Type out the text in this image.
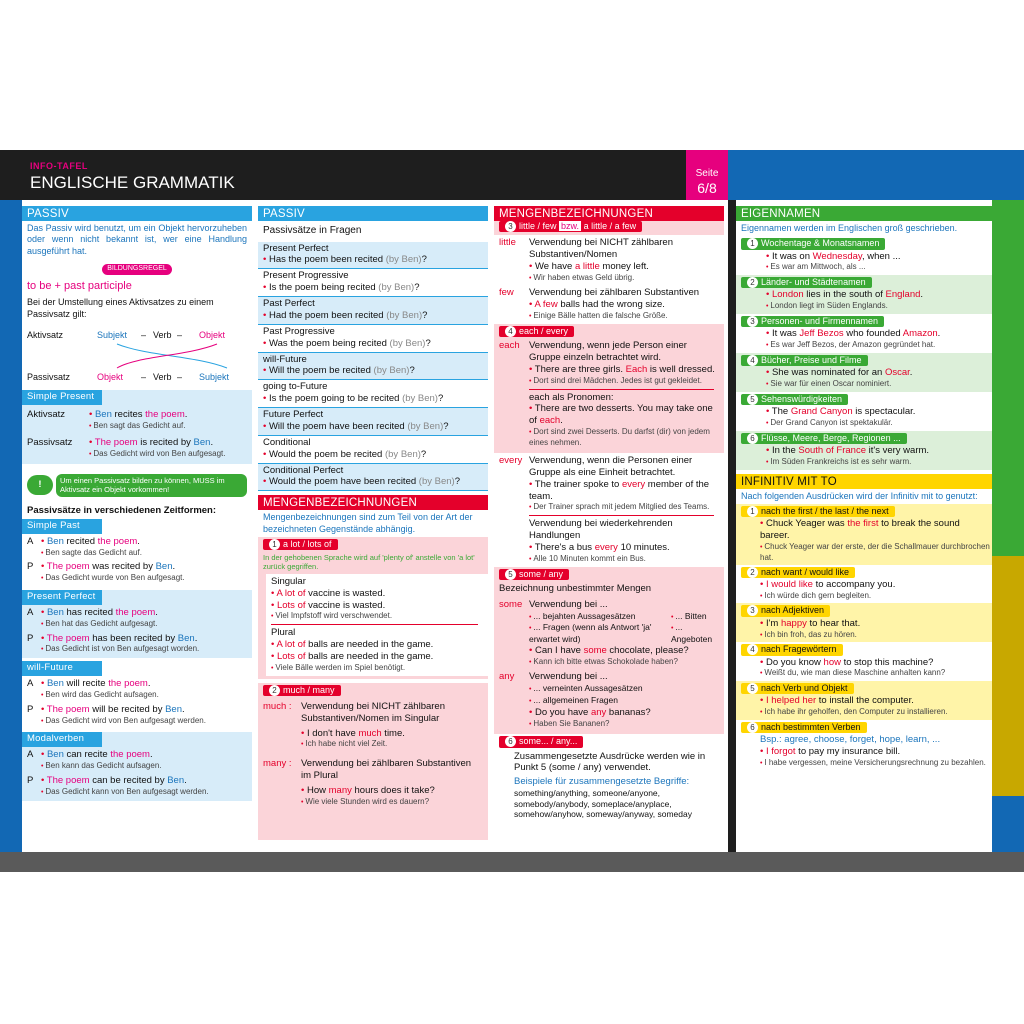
INFO-TAFEL
ENGLISCHE GRAMMATIK	Seite
6/8
PASSIV
Das Passiv wird benutzt, um ein Objekt hervorzuheben oder wenn nicht bekannt ist, wer eine Handlung ausgeführt hat.
BILDUNGSREGEL
to be + past participle
Bei der Umstellung eines Aktivsatzes zu einem Passivsatz gilt:
Aktivsatz	Subjekt – Verb – Objekt
Passivsatz	Objekt – Verb – Subjekt
Simple Present
Aktivsatz	• Ben recites the poem.
• Ben sagt das Gedicht auf.
Passivsatz	• The poem is recited by Ben.
• Das Gedicht wird von Ben aufgesagt.
!	Um einen Passivsatz bilden zu können, MUSS im Aktivsatz ein Objekt vorkommen!
Passivsätze in verschiedenen Zeitformen:
Simple Past
A	• Ben recited the poem.
• Ben sagte das Gedicht auf.
P	• The poem was recited by Ben.
• Das Gedicht wurde von Ben aufgesagt.
Present Perfect
A	• Ben has recited the poem.
• Ben hat das Gedicht aufgesagt.
P	• The poem has been recited by Ben.
• Das Gedicht ist von Ben aufgesagt worden.
will-Future
A	• Ben will recite the poem.
• Ben wird das Gedicht aufsagen.
P	• The poem will be recited by Ben.
• Das Gedicht wird von Ben aufgesagt werden.
Modalverben
A	• Ben can recite the poem.
• Ben kann das Gedicht aufsagen.
P	• The poem can be recited by Ben.
• Das Gedicht kann von Ben aufgesagt werden.
PASSIV
Passivsätze in Fragen
Present Perfect
• Has the poem been recited (by Ben)?
Present Progressive
• Is the poem being recited (by Ben)?
Past Perfect
• Had the poem been recited (by Ben)?
Past Progressive
• Was the poem being recited (by Ben)?
will-Future
• Will the poem be recited (by Ben)?
going to-Future
• Is the poem going to be recited (by Ben)?
Future Perfect
• Will the poem have been recited (by Ben)?
Conditional
• Would the poem be recited (by Ben)?
Conditional Perfect
• Would the poem have been recited (by Ben)?
MENGENBEZEICHNUNGEN
Mengenbezeichnungen sind zum Teil von der Art der bezeichneten Gegenstände abhängig.
1 a lot / lots of
In der gehobenen Sprache wird auf 'plenty of' anstelle von 'a lot' zurück gegriffen.
Singular
• A lot of vaccine is wasted.
• Lots of vaccine is wasted.
• Viel Impfstoff wird verschwendet.
Plural
• A lot of balls are needed in the game.
• Lots of balls are needed in the game.
• Viele Bälle werden im Spiel benötigt.
2 much / many
much : Verwendung bei NICHT zählbaren Substantiven/Nomen im Singular
• I don't have much time.
• Ich habe nicht viel Zeit.
many : Verwendung bei zählbaren Substantiven im Plural
• How many hours does it take?
• Wie viele Stunden wird es dauern?
MENGENBEZEICHNUNGEN
3 little / few bzw. a little / a few
little	Verwendung bei NICHT zählbaren Substantiven/Nomen
• We have a little money left.
• Wir haben etwas Geld übrig.
few	Verwendung bei zählbaren Substantiven
• A few balls had the wrong size.
• Einige Bälle hatten die falsche Größe.
4 each / every
each Verwendung, wenn jede Person einer Gruppe einzeln betrachtet wird.
• There are three girls. Each is well dressed.
• Dort sind drei Mädchen. Jedes ist gut gekleidet.
each als Pronomen:
• There are two desserts. You may take one of each.
• Dort sind zwei Desserts. Du darfst (dir) von jedem eines nehmen.
every Verwendung, wenn die Personen einer Gruppe als eine Einheit betrachtet.
• The trainer spoke to every member of the team.
• Der Trainer sprach mit jedem Mitglied des Teams.
Verwendung bei wiederkehrenden Handlungen
• There's a bus every 10 minutes.
• Alle 10 Minuten kommt ein Bus.
5 some / any
Bezeichnung unbestimmter Mengen
some Verwendung bei ...
• ... bejahten Aussagesätzen
• ... Fragen (wenn als Antwort 'ja' erwartet wird)
• ... Bitten
• ... Angeboten
• Can I have some chocolate, please?
• Kann ich bitte etwas Schokolade haben?
any	Verwendung bei ...
• ... verneinten Aussagesätzen
• ... allgemeinen Fragen
• Do you have any bananas?
• Haben Sie Bananen?
6 some... / any...
Zusammengesetzte Ausdrücke werden wie in Punkt 5 (some / any) verwendet.
Beispiele für zusammengesetzte Begriffe:
something/anything, someone/anyone, somebody/anybody, someplace/anyplace, somehow/anyhow, someway/anyway, someday
EIGENNAMEN
Eigennamen werden im Englischen groß geschrieben.
1 Wochentage & Monatsnamen
• It was on Wednesday, when ...
• Es war am Mittwoch, als ...
2 Länder- und Städtenamen
• London lies in the south of England.
• London liegt im Süden Englands.
3 Personen- und Firmennamen
• It was Jeff Bezos who founded Amazon.
• Es war Jeff Bezos, der Amazon gegründet hat.
4 Bücher, Preise und Filme
• She was nominated for an Oscar.
• Sie war für einen Oscar nominiert.
5 Sehenswürdigkeiten
• The Grand Canyon is spectacular.
• Der Grand Canyon ist spektakulär.
6 Flüsse, Meere, Berge, Regionen ...
• In the South of France it's very warm.
• Im Süden Frankreichs ist es sehr warm.
INFINITIV MIT TO
Nach folgenden Ausdrücken wird der Infinitiv mit to genutzt:
1 nach the first / the last / the next
• Chuck Yeager was the first to break the sound bareer.
• Chuck Yeager war der erste, der die Schallmauer durchbrochen hat.
2 nach want / would like
• I would like to accompany you.
• Ich würde dich gern begleiten.
3 nach Adjektiven
• I'm happy to hear that.
• Ich bin froh, das zu hören.
4 nach Fragewörtern
• Do you know how to stop this machine?
• Weißt du, wie man diese Maschine anhalten kann?
5 nach Verb und Objekt
• I helped her to install the computer.
• Ich habe ihr geholfen, den Computer zu installieren.
6 nach bestimmten Verben
Bsp.: agree, choose, forget, hope, learn, ...
• I forgot to pay my insurance bill.
• I habe vergessen, meine Versicherungsrechnung zu bezahlen.
